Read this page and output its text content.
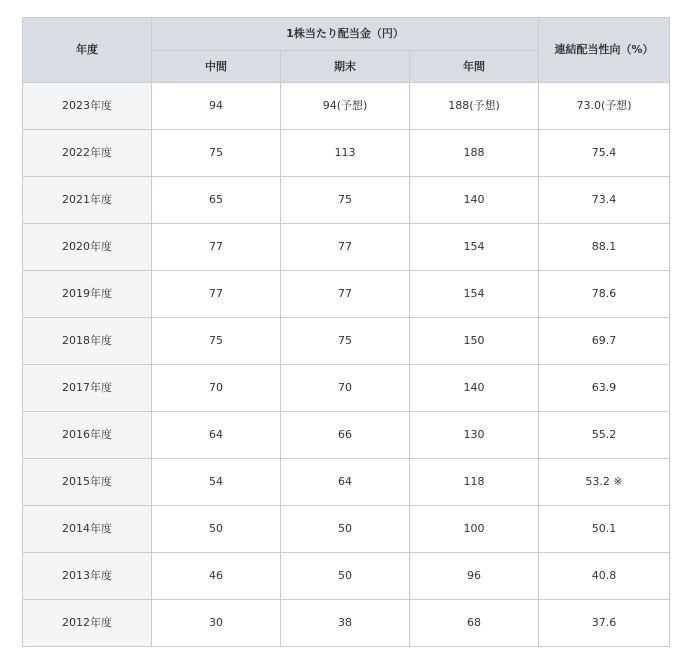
年度	1株当たり配当金（円）			連結配当性向（%）
	中間	期末	年間	
2023年度	94	94(予想)	188(予想)	73.0(予想)
2022年度	75	113	188	75.4
2021年度	65	75	140	73.4
2020年度	77	77	154	88.1
2019年度	77	77	154	78.6
2018年度	75	75	150	69.7
2017年度	70	70	140	63.9
2016年度	64	66	130	55.2
2015年度	54	64	118	53.2 ※
2014年度	50	50	100	50.1
2013年度	46	50	96	40.8
2012年度	30	38	68	37.6
